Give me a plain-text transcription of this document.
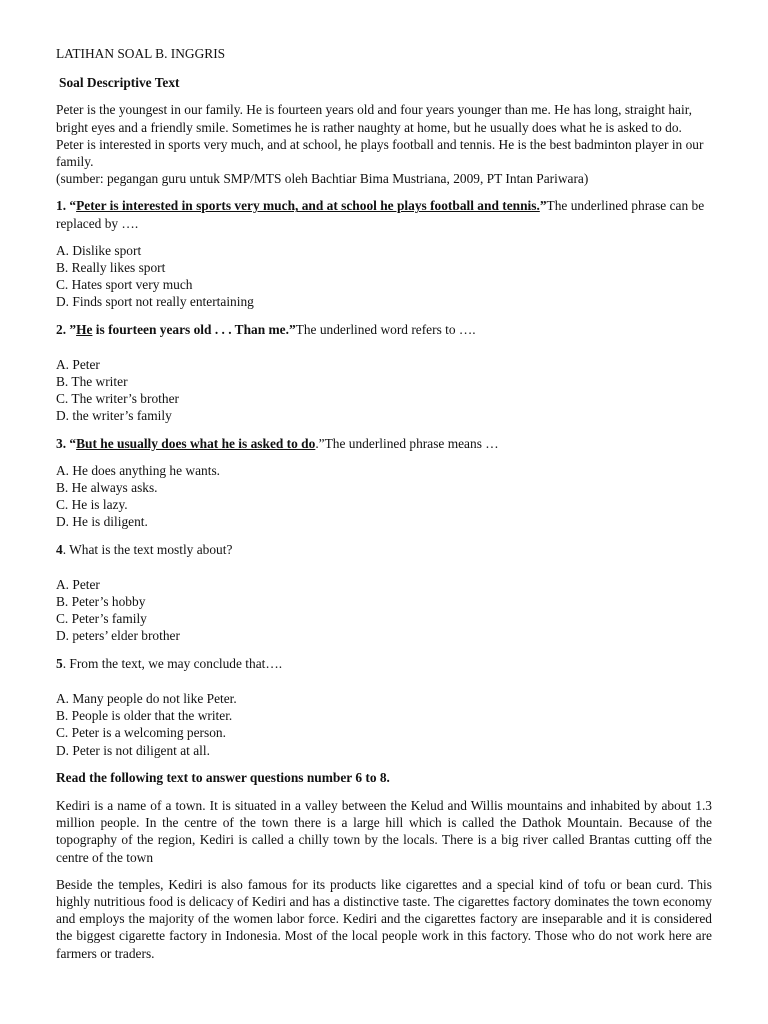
LATIHAN SOAL B. INGGRIS

Soal Descriptive Text

Peter is the youngest in our family. He is fourteen years old and four years younger than me. He has long, straight hair, bright eyes and a friendly smile. Sometimes he is rather naughty at home, but he usually does what he is asked to do. Peter is interested in sports very much, and at school, he plays football and tennis. He is the best badminton player in our family.

(sumber: pegangan guru untuk SMP/MTS oleh Bachtiar Bima Mustriana, 2009, PT Intan Pariwara)

1. “Peter is interested in sports very much, and at school he plays football and tennis.”The underlined phrase can be replaced by ….

A. Dislike sport
B. Really likes sport
C. Hates sport very much
D. Finds sport not really entertaining

2. ”He is fourteen years old . . . Than me.”The underlined word refers to ….

A. Peter
B. The writer
C. The writer’s brother
D. the writer’s family

3. “But he usually does what he is asked to do.”The underlined phrase means …

A. He does anything he wants.
B. He always asks.
C. He is lazy.
D. He is diligent.

4. What is the text mostly about?

A. Peter
B. Peter’s hobby
C. Peter’s family
D. peters’ elder brother

5. From the text, we may conclude that….

A. Many people do not like Peter.
B. People is older that the writer.
C. Peter is a welcoming person.
D. Peter is not diligent at all.

Read the following text to answer questions number 6 to 8.

Kediri is a name of a town. It is situated in a valley between the Kelud and Willis mountains and inhabited by about 1.3 million people. In the centre of the town there is a large hill which is called the Dathok Mountain. Because of the topography of the region, Kediri is called a chilly town by the locals. There is a big river called Brantas cutting off the centre of the town

Beside the temples, Kediri is also famous for its products like cigarettes and a special kind of tofu or bean curd. This highly nutritious food is delicacy of Kediri and has a distinctive taste. The cigarettes factory dominates the town economy and employs the majority of the women labor force. Kediri and the cigarettes factory are inseparable and it is considered the biggest cigarette factory in Indonesia. Most of the local people work in this factory. Those who do not work here are farmers or traders.
